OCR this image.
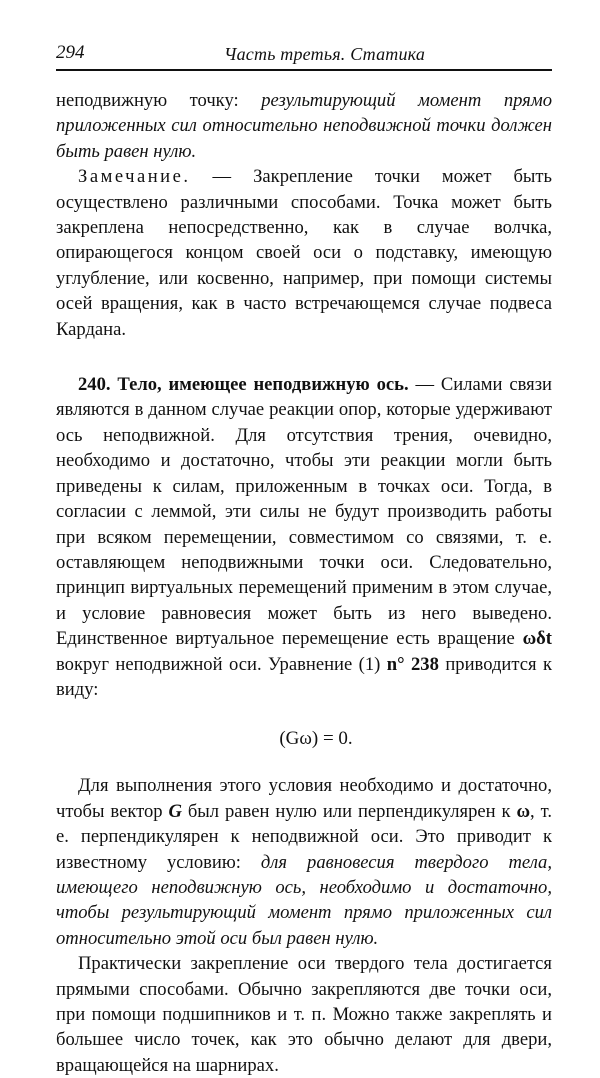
294	Часть третья. Статика

неподвижную точку: результирующий момент прямо приложенных сил относительно неподвижной точки должен быть равен нулю.

Замечание. — Закрепление точки может быть осуществлено различными способами. Точка может быть закреплена непосредственно, как в случае волчка, опирающегося концом своей оси о подставку, имеющую углубление, или косвенно, например, при помощи системы осей вращения, как в часто встречающемся случае подвеса Кардана.

240. Тело, имеющее неподвижную ось. — Силами связи являются в данном случае реакции опор, которые удерживают ось неподвижной. Для отсутствия трения, очевидно, необходимо и достаточно, чтобы эти реакции могли быть приведены к силам, приложенным в точках оси. Тогда, в согласии с леммой, эти силы не будут производить работы при всяком перемещении, совместимом со связями, т. е. оставляющем неподвижными точки оси. Следовательно, принцип виртуальных перемещений применим в этом случае, и условие равновесия может быть из него выведено. Единственное виртуальное перемещение есть вращение ωδt вокруг неподвижной оси. Уравнение (1) n° 238 приводится к виду:

(Gω) = 0.

Для выполнения этого условия необходимо и достаточно, чтобы вектор G был равен нулю или перпендикулярен к ω, т. е. перпендикулярен к неподвижной оси. Это приводит к известному условию: для равновесия твердого тела, имеющего неподвижную ось, необходимо и достаточно, чтобы результирующий момент прямо приложенных сил относительно этой оси был равен нулю.

Практически закрепление оси твердого тела достигается прямыми способами. Обычно закрепляются две точки оси, при помощи подшипников и т. п. Можно также закреплять и большее число точек, как это обычно делают для двери, вращающейся на шарнирах.
